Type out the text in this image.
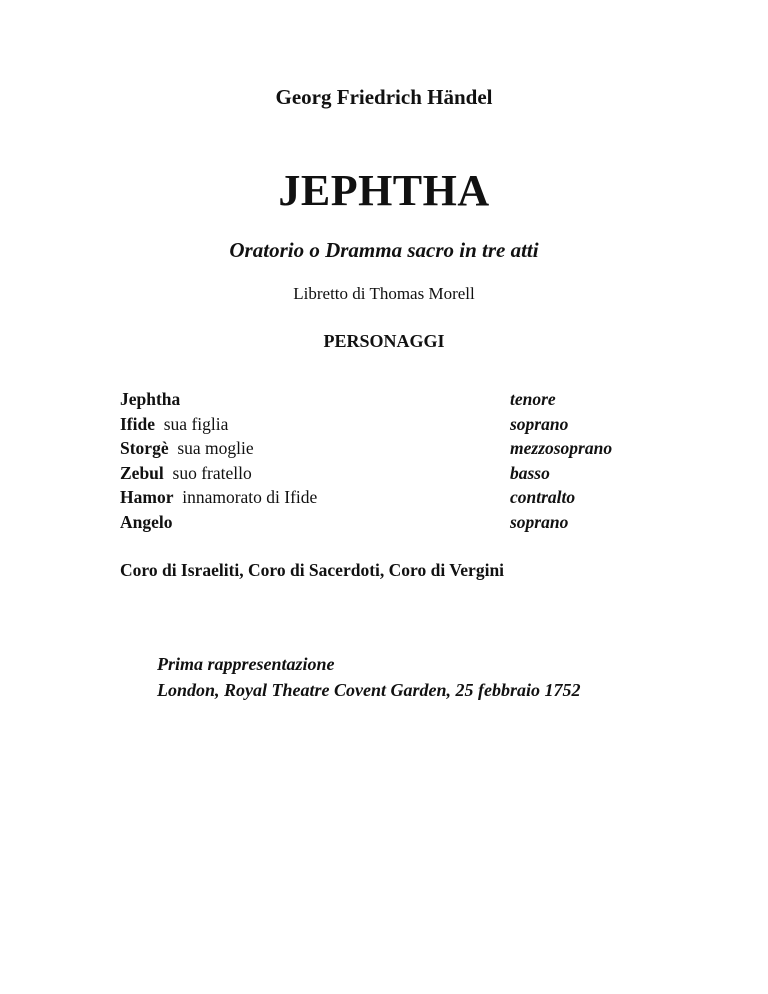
Georg Friedrich Händel
JEPHTHA
Oratorio o Dramma sacro in tre atti
Libretto di Thomas Morell
PERSONAGGI
Jephtha	tenore
Ifide sua figlia	soprano
Storgè sua moglie	mezzosoprano
Zebul suo fratello	basso
Hamor innamorato di Ifide	contralto
Angelo	soprano
Coro di Israeliti, Coro di Sacerdoti, Coro di Vergini
Prima rappresentazione
London, Royal Theatre Covent Garden, 25 febbraio 1752
